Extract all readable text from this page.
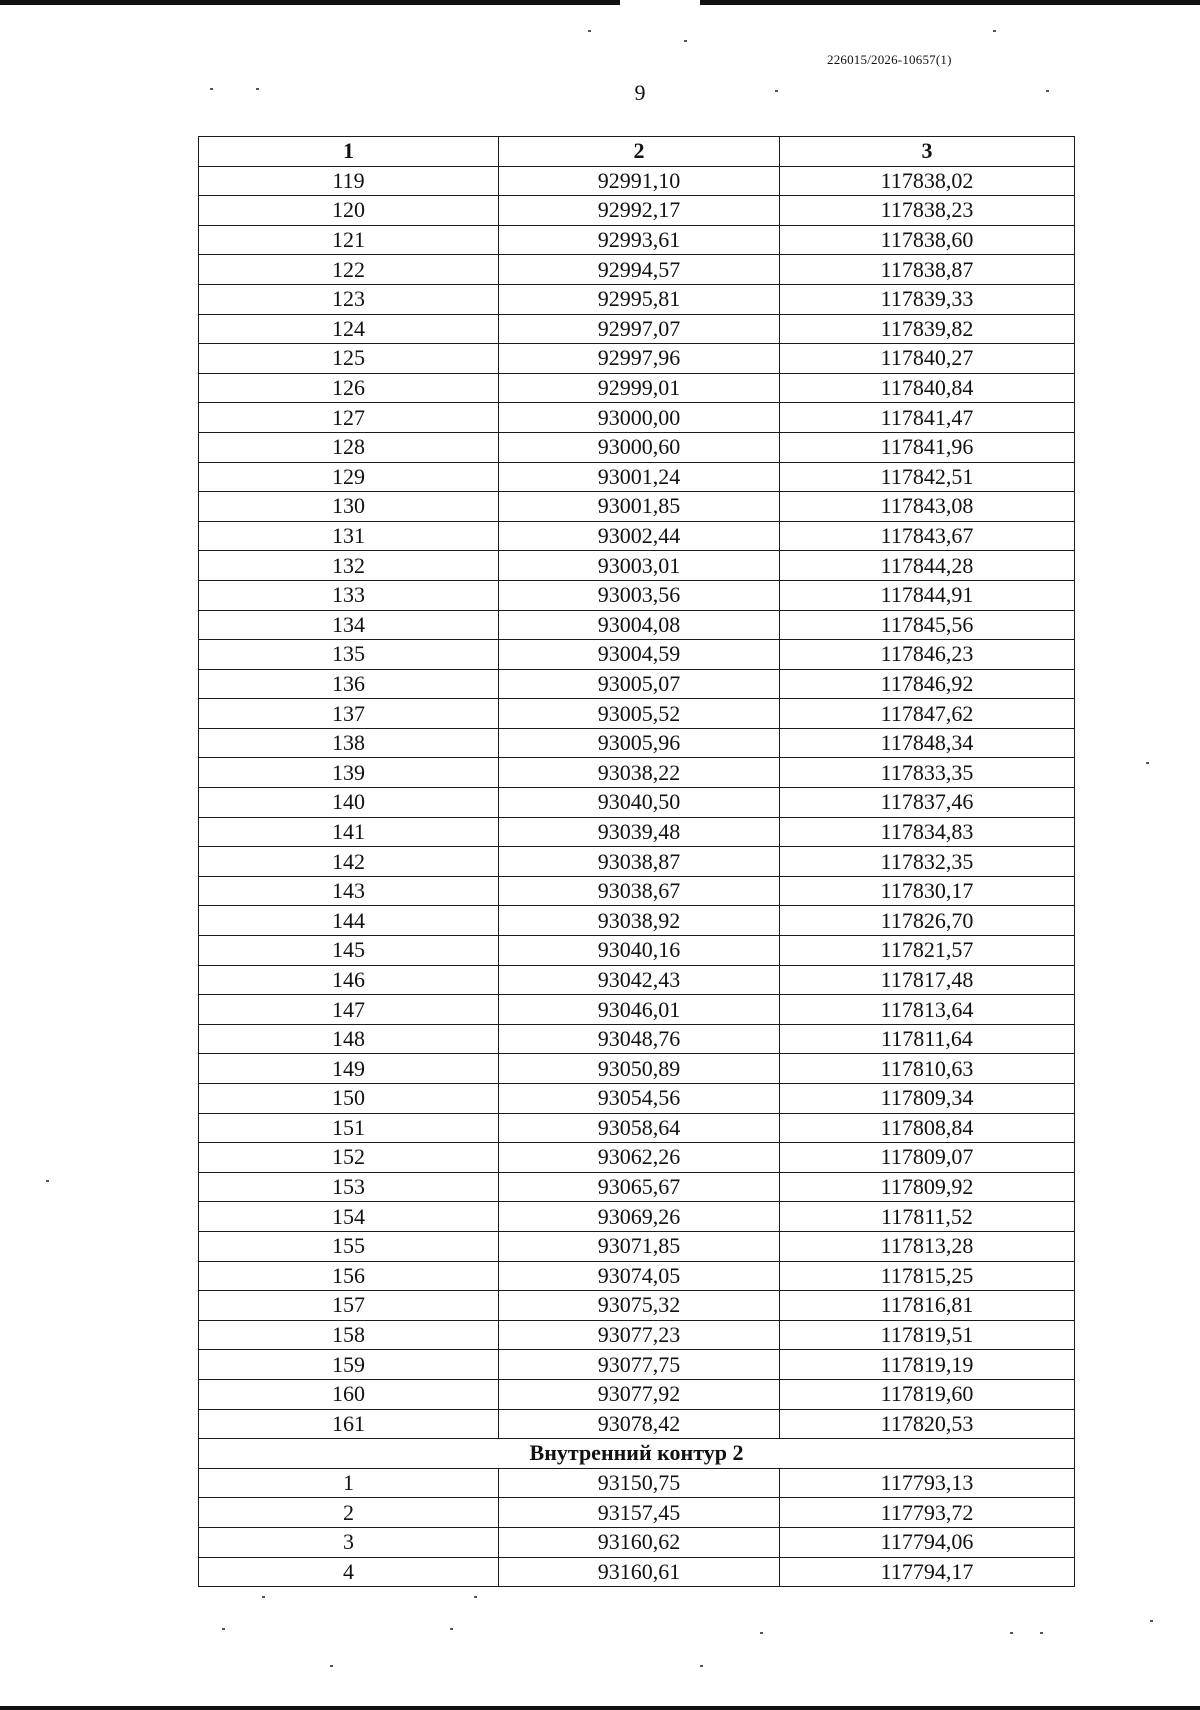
226015/2026-10657(1)
9
1	2	3
119	92991,10	117838,02
120	92992,17	117838,23
121	92993,61	117838,60
122	92994,57	117838,87
123	92995,81	117839,33
124	92997,07	117839,82
125	92997,96	117840,27
126	92999,01	117840,84
127	93000,00	117841,47
128	93000,60	117841,96
129	93001,24	117842,51
130	93001,85	117843,08
131	93002,44	117843,67
132	93003,01	117844,28
133	93003,56	117844,91
134	93004,08	117845,56
135	93004,59	117846,23
136	93005,07	117846,92
137	93005,52	117847,62
138	93005,96	117848,34
139	93038,22	117833,35
140	93040,50	117837,46
141	93039,48	117834,83
142	93038,87	117832,35
143	93038,67	117830,17
144	93038,92	117826,70
145	93040,16	117821,57
146	93042,43	117817,48
147	93046,01	117813,64
148	93048,76	117811,64
149	93050,89	117810,63
150	93054,56	117809,34
151	93058,64	117808,84
152	93062,26	117809,07
153	93065,67	117809,92
154	93069,26	117811,52
155	93071,85	117813,28
156	93074,05	117815,25
157	93075,32	117816,81
158	93077,23	117819,51
159	93077,75	117819,19
160	93077,92	117819,60
161	93078,42	117820,53
Внутренний контур 2		
1	93150,75	117793,13
2	93157,45	117793,72
3	93160,62	117794,06
4	93160,61	117794,17
